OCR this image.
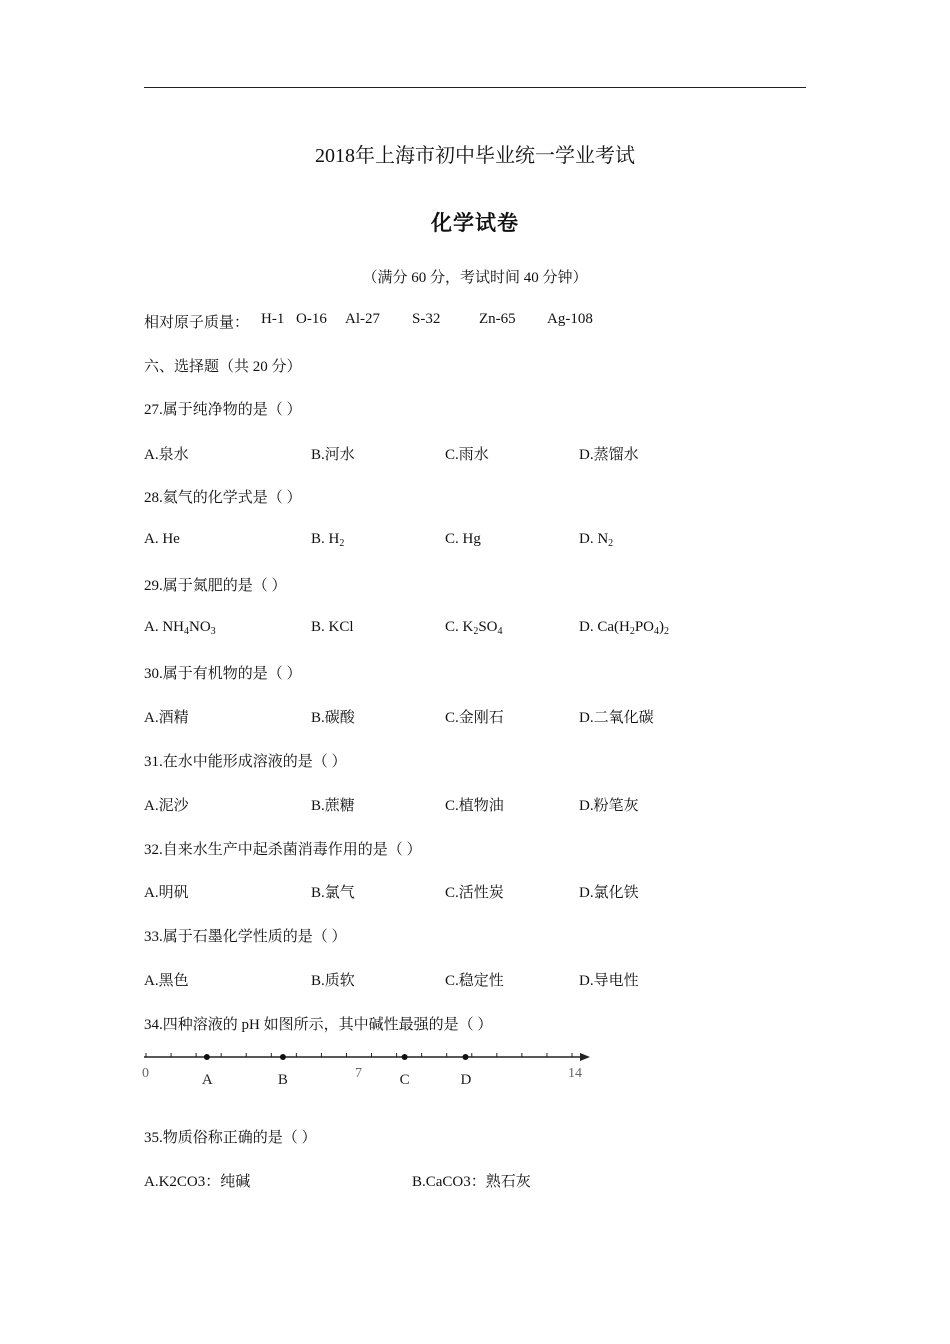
2018年上海市初中毕业统一学业考试
化学试卷
（满分 60 分，考试时间 40 分钟）
相对原子质量： H-1 O-16 Al-27 S-32	Zn-65 Ag-108
六、选择题（共 20 分）
27.属于纯净物的是（ ）
A.泉水	B.河水	C.雨水	D.蒸馏水
28.氦气的化学式是（ ）
A. He	B. $H_2$	C. Hg	D. $N_2$
29.属于氮肥的是（ ）
A. $NH_4NO_3$	B. KCl	C. $K_2SO_4$	D. $Ca(H_2PO_4)_2$
30.属于有机物的是（ ）
A.酒精	B.碳酸	C.金刚石	D.二氧化碳
31.在水中能形成溶液的是（ ）
A.泥沙	B.蔗糖	C.植物油	D.粉笔灰
32.自来水生产中起杀菌消毒作用的是（ ）
A.明矾	B.氯气	C.活性炭	D.氯化铁
33.属于石墨化学性质的是（ ）
A.黑色	B.质软	C.稳定性	D.导电性
34.四种溶液的 pH 如图所示，其中碱性最强的是（ ）
A	B	C	D
0	7	14
35.物质俗称正确的是（ ）
A.K2CO3：纯碱	B.CaCO3：熟石灰
